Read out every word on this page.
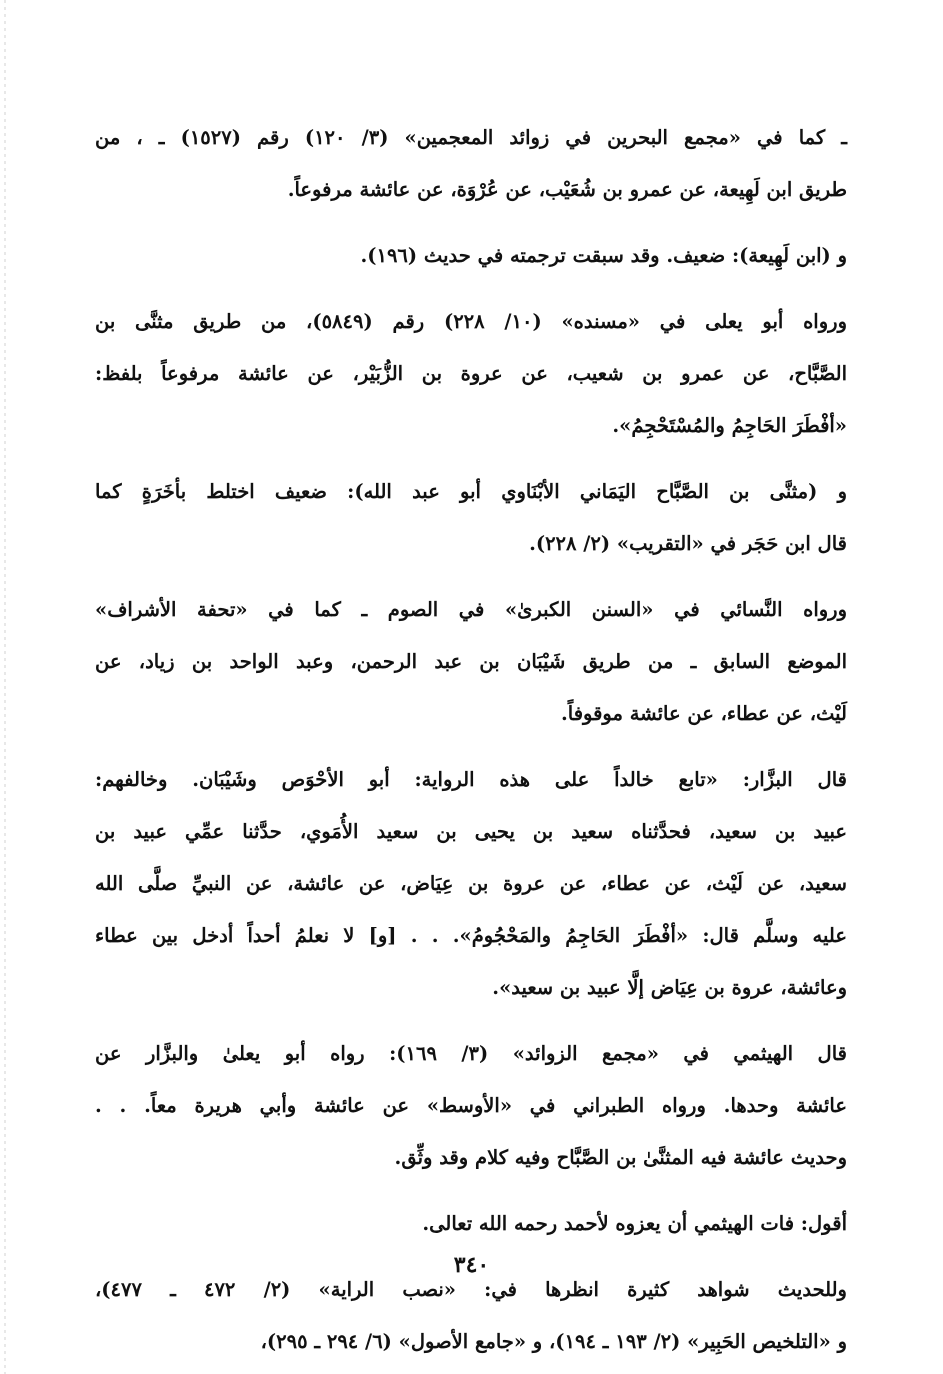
ـ كما في «مجمع البحرين في زوائد المعجمين» (٣/ ١٢٠) رقم (١٥٢٧) ـ ، من
طريق ابن لَهِيعة، عن عمرو بن شُعَيْب، عن عُرْوَة، عن عائشة مرفوعاً.

و (ابن لَهِيعة): ضعيف. وقد سبقت ترجمته في حديث (١٩٦).

ورواه أبو يعلى في «مسنده» (١٠/ ٢٢٨) رقم (٥٨٤٩)، من طريق مثنَّى بن
الصَّبَّاح، عن عمرو بن شعيب، عن عروة بن الزُّبَيْر، عن عائشة مرفوعاً بلفظ:
«أفْطَرَ الحَاجِمُ والمُسْتَحْجِمُ».

و (مثنَّى بن الصَّبَّاح اليَمَاني الأبْنَاوي أبو عبد الله): ضعيف اختلط بأخَرَةٍ كما
قال ابن حَجَر في «التقريب» (٢/ ٢٢٨).

ورواه النَّسائي في «السنن الكبرىٰ» في الصوم ـ كما في «تحفة الأشراف»
الموضع السابق ـ من طريق شَيْبَان بن عبد الرحمن، وعبد الواحد بن زياد، عن
لَيْث، عن عطاء، عن عائشة موقوفاً.

قال البزَّار: «تابع خالداً على هذه الرواية: أبو الأحْوَص وشَيْبَان. وخالفهم:
عبيد بن سعيد، فحدَّثناه سعيد بن يحيى بن سعيد الأُمَوي، حدَّثنا عمِّي عبيد بن
سعيد، عن لَيْث، عن عطاء، عن عروة بن عِيَاض، عن عائشة، عن النبيِّ صلَّى الله
عليه وسلَّم قال: «أفْطَرَ الحَاجِمُ والمَحْجُومُ». . . [و] لا نعلمُ أحداً أدخل بين عطاء
وعائشة، عروة بن عِيَاض إلَّا عبيد بن سعيد».

قال الهيثمي في «مجمع الزوائد» (٣/ ١٦٩): رواه أبو يعلىٰ والبزَّار عن
عائشة وحدها. ورواه الطبراني في «الأوسط» عن عائشة وأبي هريرة معاً. . .
وحديث عائشة فيه المثنَّىٰ بن الصَّبَّاح وفيه كلام وقد وثِّق.

أقول: فات الهيثمي أن يعزوه لأحمد رحمه الله تعالى.

وللحديث شواهد كثيرة انظرها في: «نصب الراية» (٢/ ٤٧٢ ـ ٤٧٧)،
و «التلخيص الحَبِير» (٢/ ١٩٣ ـ ١٩٤)، و «جامع الأصول» (٦/ ٢٩٤ ـ ٢٩٥)،

٣٤٠
